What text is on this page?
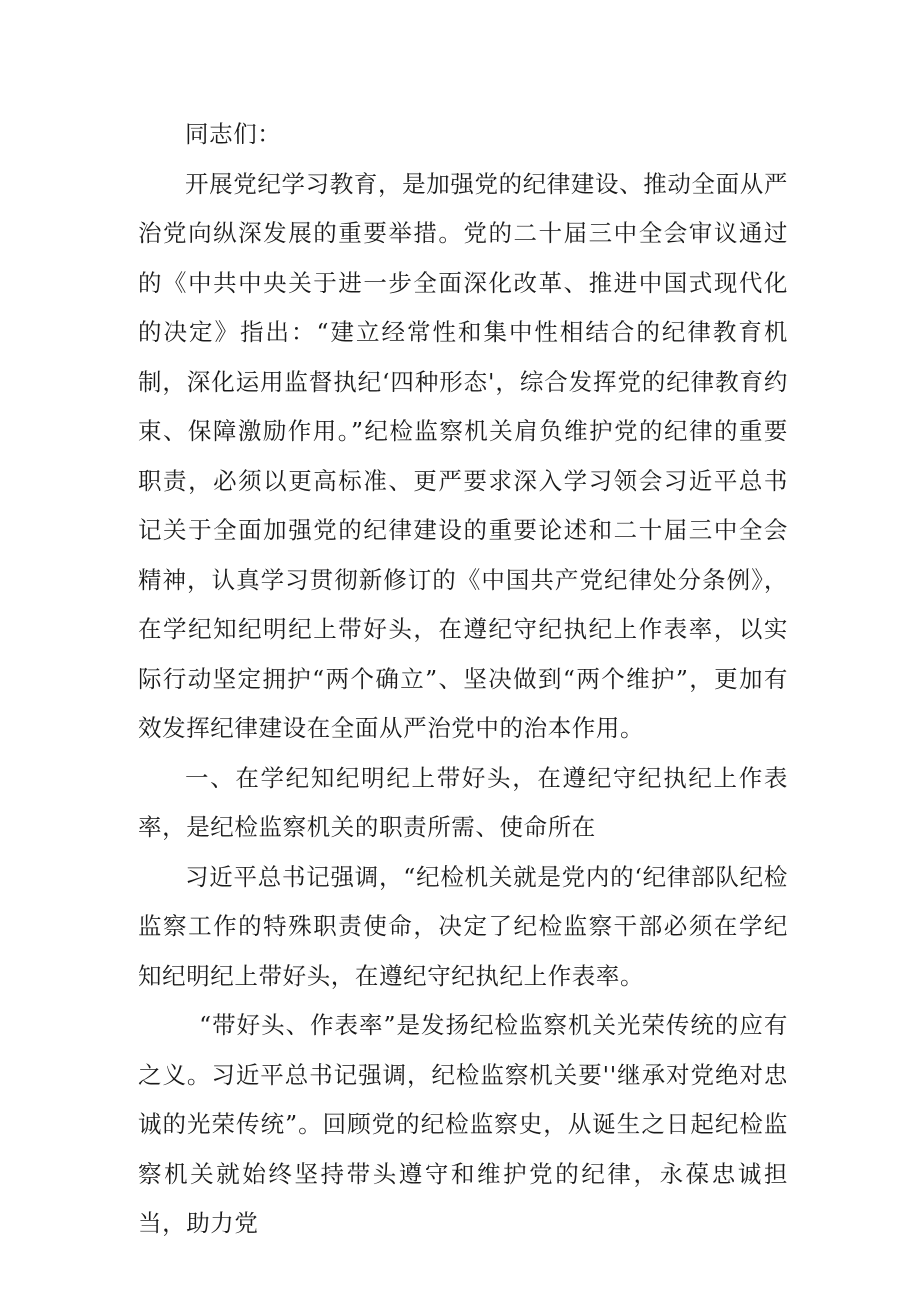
同志们：

开展党纪学习教育，是加强党的纪律建设、推动全面从严治党向纵深发展的重要举措。党的二十届三中全会审议通过的《中共中央关于进一步全面深化改革、推进中国式现代化的决定》指出：“建立经常性和集中性相结合的纪律教育机制，深化运用监督执纪‘四种形态'，综合发挥党的纪律教育约束、保障激励作用。”纪检监察机关肩负维护党的纪律的重要职责，必须以更高标准、更严要求深入学习领会习近平总书记关于全面加强党的纪律建设的重要论述和二十届三中全会精神，认真学习贯彻新修订的《中国共产党纪律处分条例》，在学纪知纪明纪上带好头，在遵纪守纪执纪上作表率，以实际行动坚定拥护“两个确立”、坚决做到“两个维护”，更加有效发挥纪律建设在全面从严治党中的治本作用。

一、在学纪知纪明纪上带好头，在遵纪守纪执纪上作表率，是纪检监察机关的职责所需、使命所在

习近平总书记强调，“纪检机关就是党内的‘纪律部队纪检监察工作的特殊职责使命，决定了纪检监察干部必须在学纪知纪明纪上带好头，在遵纪守纪执纪上作表率。

“带好头、作表率”是发扬纪检监察机关光荣传统的应有之义。习近平总书记强调，纪检监察机关要''继承对党绝对忠诚的光荣传统”。回顾党的纪检监察史，从诞生之日起纪检监察机关就始终坚持带头遵守和维护党的纪律，永葆忠诚担当，助力党
